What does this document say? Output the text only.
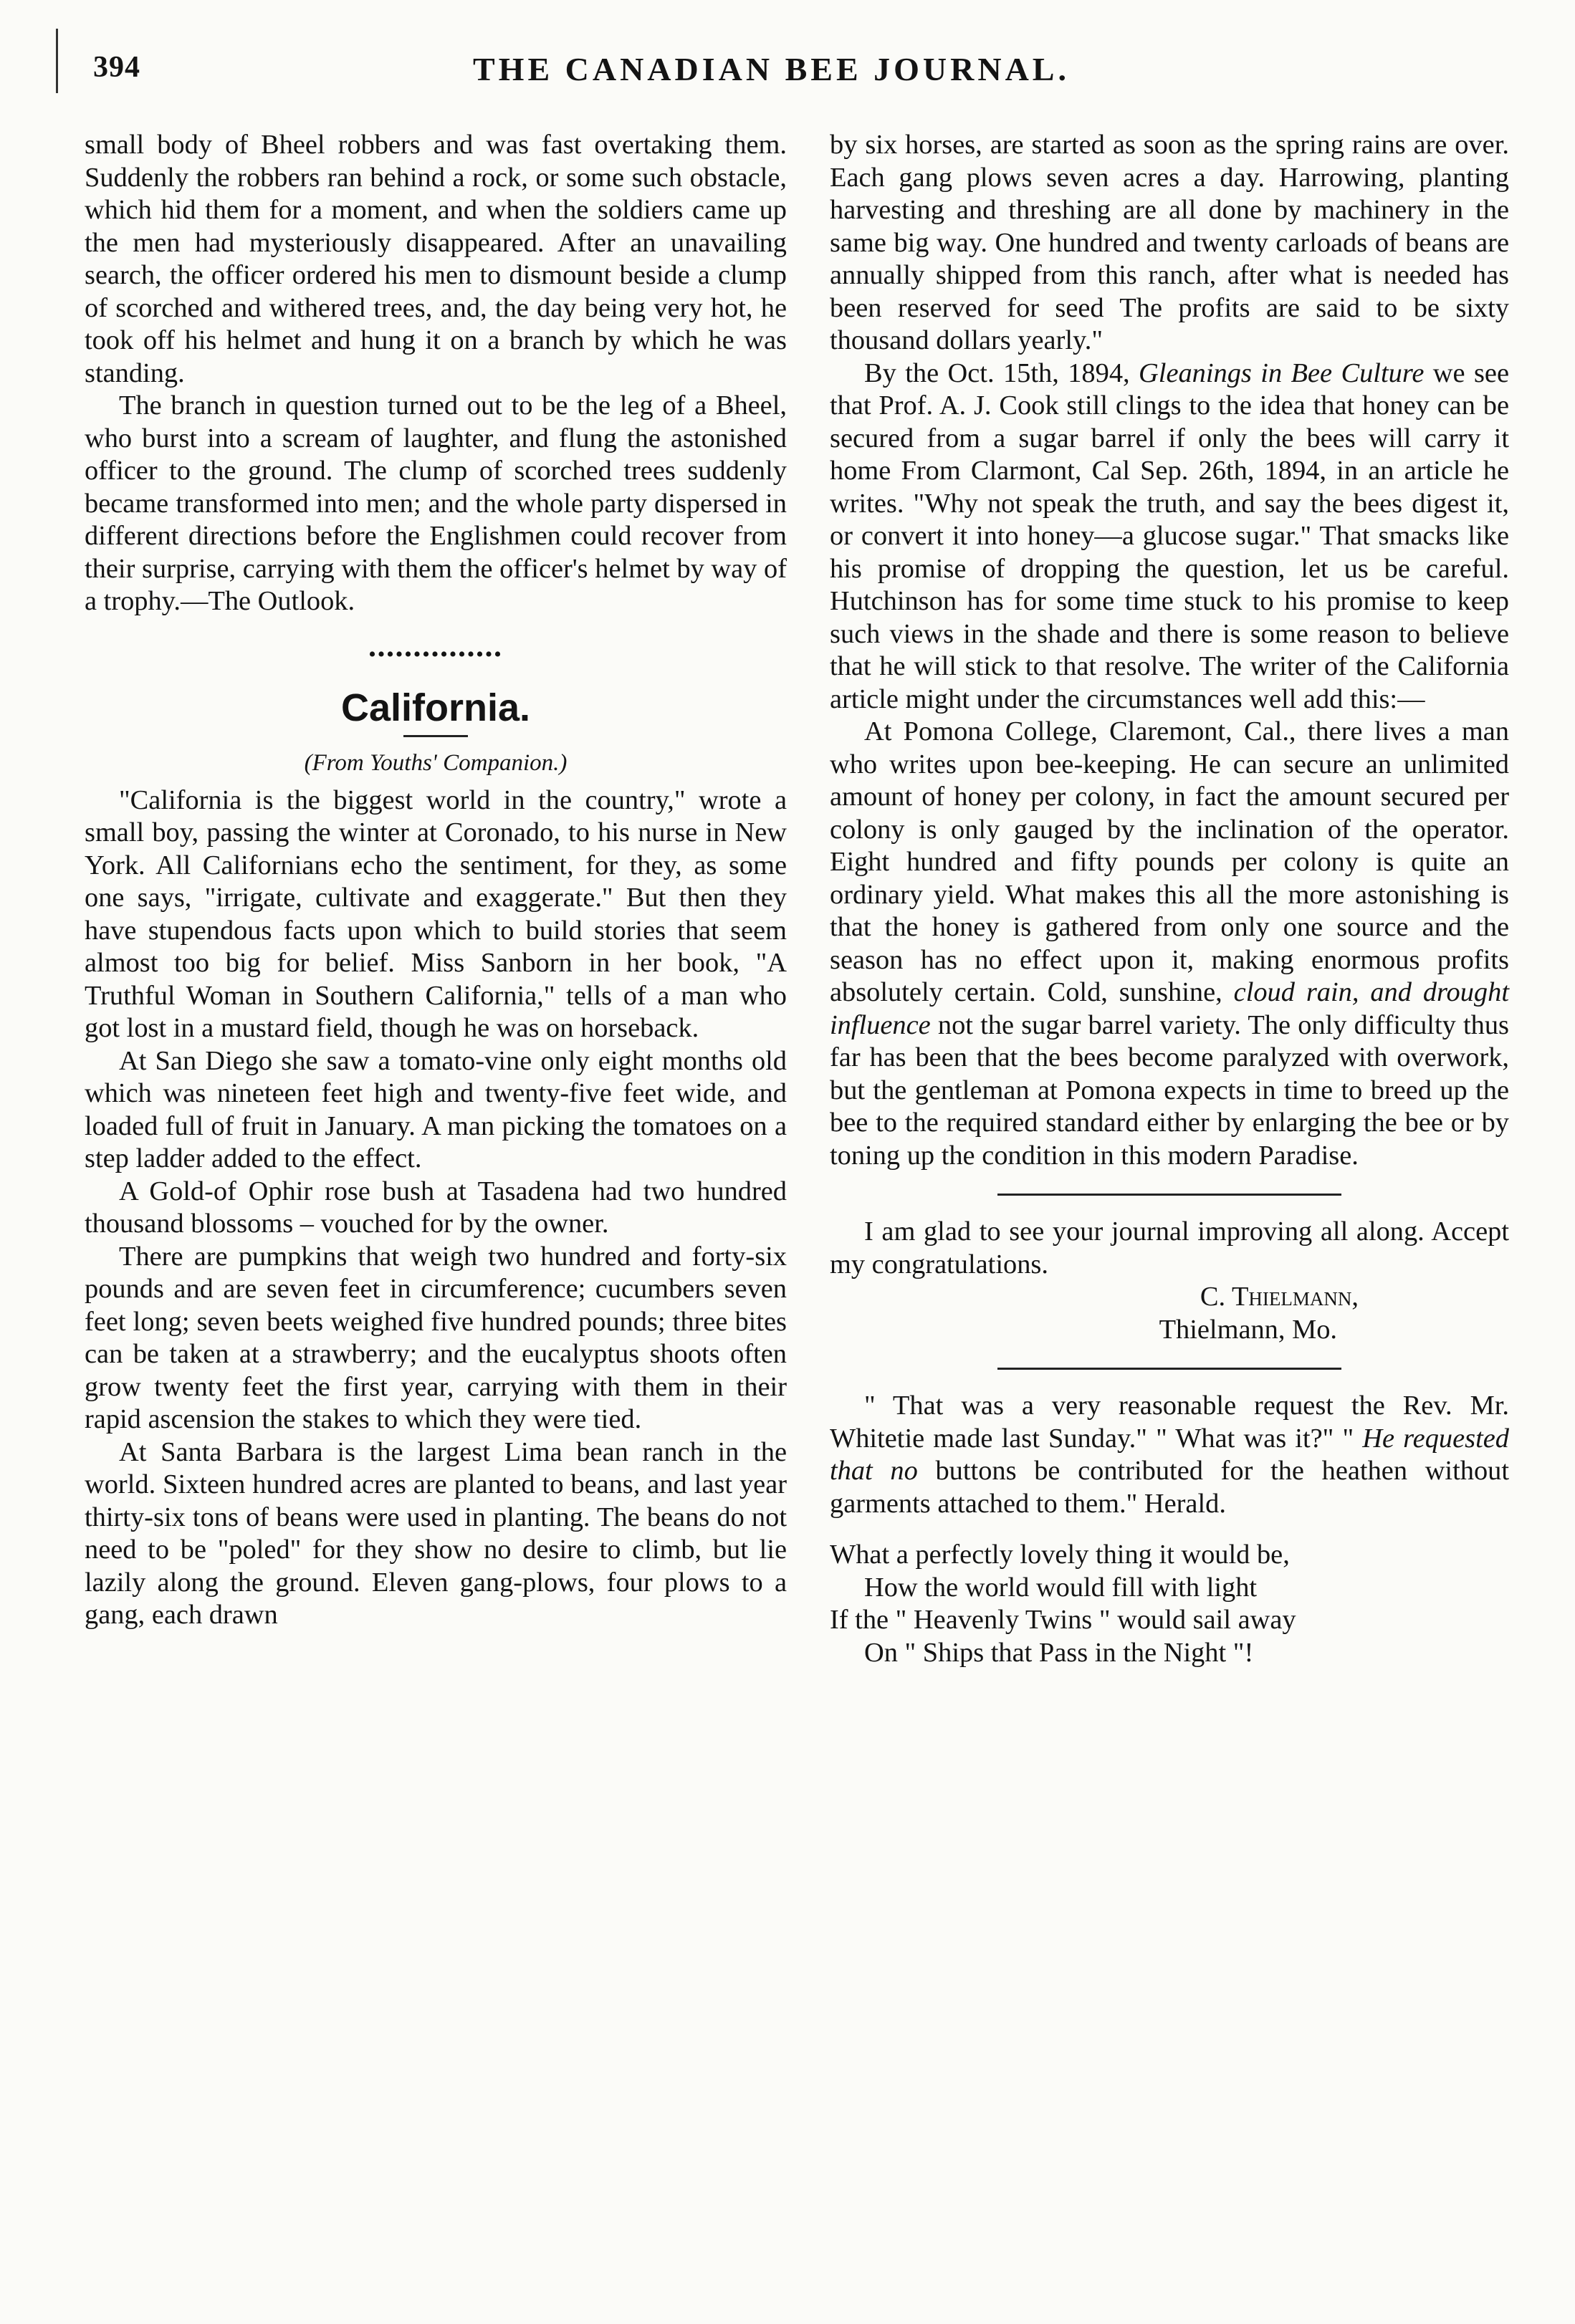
394	THE CANADIAN BEE JOURNAL.

small body of Bheel robbers and was fast overtaking them. Suddenly the robbers ran behind a rock, or some such obstacle, which hid them for a moment, and when the soldiers came up the men had mysteriously disappeared. After an unavailing search, the officer ordered his men to dismount beside a clump of scorched and withered trees, and, the day being very hot, he took off his helmet and hung it on a branch by which he was standing.

The branch in question turned out to be the leg of a Bheel, who burst into a scream of laughter, and flung the astonished officer to the ground. The clump of scorched trees suddenly became transformed into men; and the whole party dispersed in different directions before the Englishmen could recover from their surprise, carrying with them the officer's helmet by way of a trophy.—The Outlook.

•••••••••••••••
California.
(From Youths' Companion.)

"California is the biggest world in the country," wrote a small boy, passing the winter at Coronado, to his nurse in New York. All Californians echo the sentiment, for they, as some one says, "irrigate, cultivate and exaggerate." But then they have stupendous facts upon which to build stories that seem almost too big for belief. Miss Sanborn in her book, "A Truthful Woman in Southern California," tells of a man who got lost in a mustard field, though he was on horseback.

At San Diego she saw a tomato-vine only eight months old which was nineteen feet high and twenty-five feet wide, and loaded full of fruit in January. A man picking the tomatoes on a step ladder added to the effect.

A Gold-of Ophir rose bush at Tasadena had two hundred thousand blossoms – vouched for by the owner.

There are pumpkins that weigh two hundred and forty-six pounds and are seven feet in circumference; cucumbers seven feet long; seven beets weighed five hundred pounds; three bites can be taken at a strawberry; and the eucalyptus shoots often grow twenty feet the first year, carrying with them in their rapid ascension the stakes to which they were tied.

At Santa Barbara is the largest Lima bean ranch in the world. Sixteen hundred acres are planted to beans, and last year thirty-six tons of beans were used in planting. The beans do not need to be "poled" for they show no desire to climb, but lie lazily along the ground. Eleven gang-plows, four plows to a gang, each drawn

by six horses, are started as soon as the spring rains are over. Each gang plows seven acres a day. Harrowing, planting harvesting and threshing are all done by machinery in the same big way. One hundred and twenty carloads of beans are annually shipped from this ranch, after what is needed has been reserved for seed The profits are said to be sixty thousand dollars yearly."

By the Oct. 15th, 1894, Gleanings in Bee Culture we see that Prof. A. J. Cook still clings to the idea that honey can be secured from a sugar barrel if only the bees will carry it home From Clarmont, Cal Sep. 26th, 1894, in an article he writes. "Why not speak the truth, and say the bees digest it, or convert it into honey—a glucose sugar." That smacks like his promise of dropping the question, let us be careful. Hutchinson has for some time stuck to his promise to keep such views in the shade and there is some reason to believe that he will stick to that resolve. The writer of the California article might under the circumstances well add this:—

At Pomona College, Claremont, Cal., there lives a man who writes upon bee-keeping. He can secure an unlimited amount of honey per colony, in fact the amount secured per colony is only gauged by the inclination of the operator. Eight hundred and fifty pounds per colony is quite an ordinary yield. What makes this all the more astonishing is that the honey is gathered from only one source and the season has no effect upon it, making enormous profits absolutely certain. Cold, sunshine, cloud rain, and drought influence not the sugar barrel variety. The only difficulty thus far has been that the bees become paralyzed with overwork, but the gentleman at Pomona expects in time to breed up the bee to the required standard either by enlarging the bee or by toning up the condition in this modern Paradise.

I am glad to see your journal improving all along. Accept my congratulations.

C. Thielmann,
Thielmann, Mo.

" That was a very reasonable request the Rev. Mr. Whitetie made last Sunday." " What was it?" " He requested that no buttons be contributed for the heathen without garments attached to them." Herald.

What a perfectly lovely thing it would be,

How the world would fill with light

If the " Heavenly Twins " would sail away

On " Ships that Pass in the Night "!
